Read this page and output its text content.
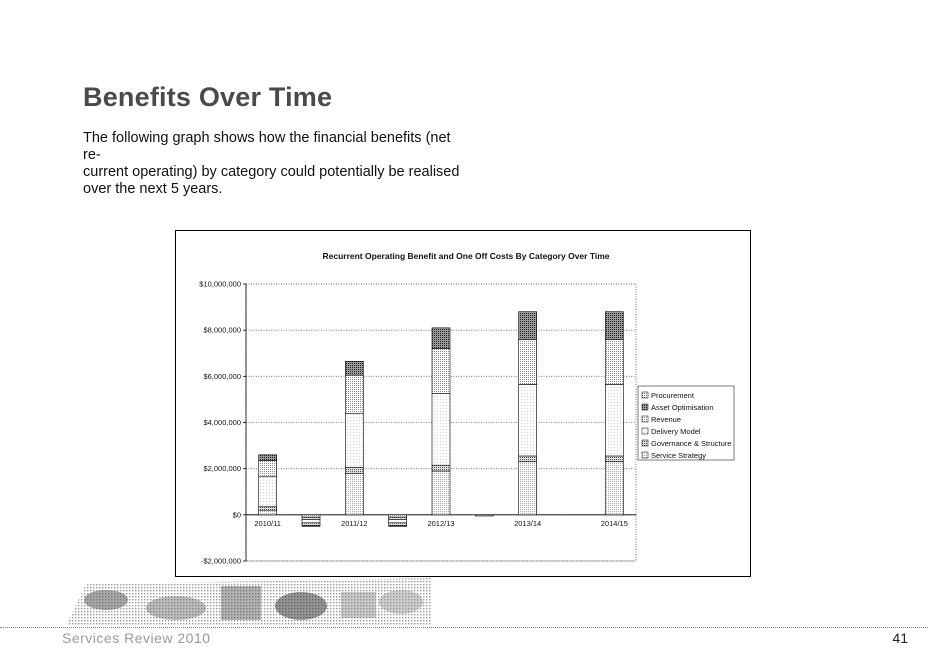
Benefits Over Time
The following graph shows how the financial benefits (net re-
current operating) by category could potentially be realised
over the next 5 years.
Recurrent Operating Benefit and One Off Costs By Category Over Time
$10,000,000
$8,000,000
$6,000,000
$4,000,000
$2,000,000
$0
-$2,000,000
2010/11	2011/12	2012/13	2013/14	2014/15
Procurement
Asset Optimisation
Revenue
Delivery Model
Governance & Structure
Service Strategy
Services Review 2010	41
